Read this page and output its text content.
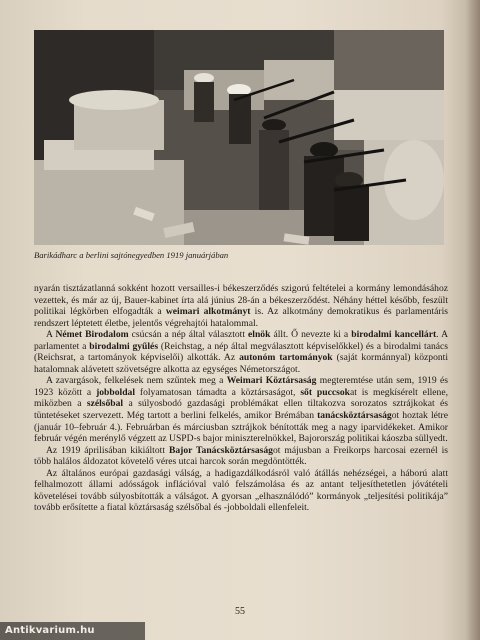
Barikádharc a berlini sajtónegyedben 1919 januárjában

nyarán tisztázatlanná sokként hozott versailles-i békeszerződés szigorú feltételei a kormány lemondásához vezettek, és már az új, Bauer-kabinet írta alá június 28-án a békeszerződést. Néhány héttel később, feszült politikai légkörben elfogadták a weimari alkotmányt is. Az alkotmány demokratikus és parlamentáris rendszert léptetett életbe, jelentős végrehajtói hatalommal.

A Német Birodalom csúcsán a nép által választott elnök állt. Ő nevezte ki a birodalmi kancellárt. A parlamentet a birodalmi gyűlés (Reichstag, a nép által megválasztott képviselőkkel) és a birodalmi tanács (Reichsrat, a tartományok képviselői) alkották. Az autonóm tartományok (saját kormánnyal) központi hatalomnak alávetett szövetségre alkotta az egységes Németországot.

A zavargások, felkelések nem szűntek meg a Weimari Köztársaság megteremtése után sem, 1919 és 1923 között a jobboldal folyamatosan támadta a köztársaságot, sőt puccsokat is megkísérelt ellene, miközben a szélsőbal a súlyosbodó gazdasági problémákat ellen tiltakozva sorozatos sztrájkokat és tüntetéseket szervezett. Még tartott a berlini felkelés, amikor Brémában tanácsköztársaságot hoztak létre (január 10–február 4.). Februárban és márciusban sztrájkok bénították meg a nagy iparvidékeket. Amikor február végén merénylő végzett az USPD-s bajor miniszterelnökkel, Bajorország politikai káoszba süllyedt.

Az 1919 áprilisában kikiáltott Bajor Tanácsköztársaságot májusban a Freikorps harcosai ezernél is több halálos áldozatot követelő véres utcai harcok során megdöntötték.

Az általános európai gazdasági válság, a hadigazdálkodásról való átállás nehézségei, a háború alatt felhalmozott állami adósságok inflációval való felszámolása és az antant teljesíthetetlen jóvátételi követelései tovább súlyosbították a válságot. A gyorsan „elhasználódó” kormányok „teljesítési politikája” tovább erősítette a fiatal köztársaság szélsőbal és -jobboldali ellenfeleit.

55
Antikvarium.hu
